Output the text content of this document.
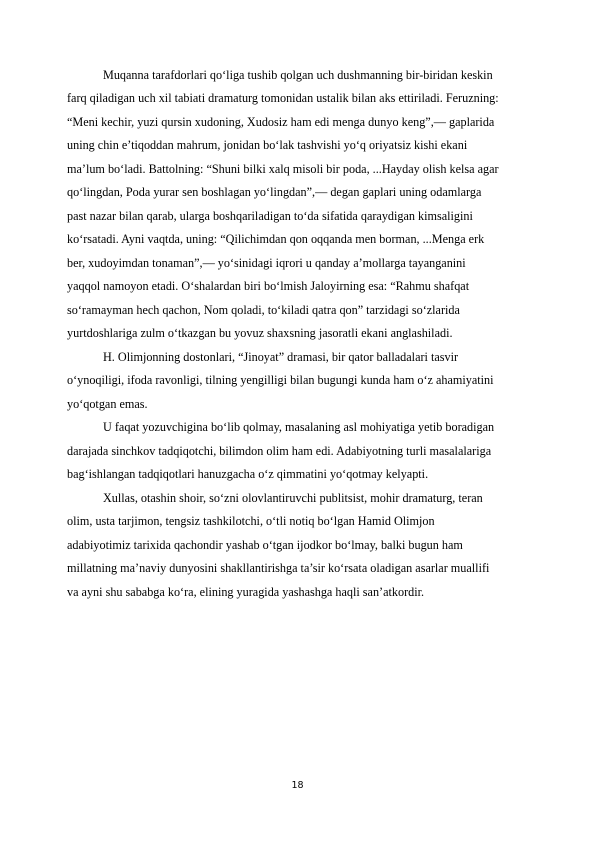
Muqanna tarafdorlari qo‘liga tushib qolgan uch dushmanning bir-biridan keskin

farq qiladigan uch xil tabiati dramaturg tomonidan ustalik bilan aks ettiriladi. Feruzning:

“Meni kechir, yuzi qursin xudoning, Xudosiz ham edi menga dunyo keng”,— gaplarida

uning chin e’tiqoddan mahrum, jonidan bo‘lak tashvishi yo‘q oriyatsiz kishi ekani

ma’lum bo‘ladi. Battolning: “Shuni bilki xalq misoli bir poda, ...Hayday olish kelsa agar

qo‘lingdan, Poda yurar sen boshlagan yo‘lingdan”,— degan gaplari uning odamlarga

past nazar bilan qarab, ularga boshqariladigan to‘da sifatida qaraydigan kimsaligini

ko‘rsatadi. Ayni vaqtda, uning: “Qilichimdan qon oqqanda men borman, ...Menga erk

ber, xudoyimdan tonaman”,— yo‘sinidagi iqrori u qanday a’mollarga tayanganini

yaqqol namoyon etadi. O‘shalardan biri bo‘lmish Jaloyirning esa: “Rahmu shafqat

so‘ramayman hech qachon, Nom qoladi, to‘kiladi qatra qon” tarzidagi so‘zlarida

yurtdoshlariga zulm o‘tkazgan bu yovuz shaxsning jasoratli ekani anglashiladi.

H. Olimjonning dostonlari, “Jinoyat” dramasi, bir qator balladalari tasvir

o‘ynoqiligi, ifoda ravonligi, tilning yengilligi bilan bugungi kunda ham o‘z ahamiyatini

yo‘qotgan emas.

U faqat yozuvchigina bo‘lib qolmay, masalaning asl mohiyatiga yetib boradigan

darajada sinchkov tadqiqotchi, bilimdon olim ham edi. Adabiyotning turli masalalariga

bag‘ishlangan tadqiqotlari hanuzgacha o‘z qimmatini yo‘qotmay kelyapti.

Xullas, otashin shoir, so‘zni olovlantiruvchi publitsist, mohir dramaturg, teran

olim, usta tarjimon, tengsiz tashkilotchi, o‘tli notiq bo‘lgan Hamid Olimjon

adabiyotimiz tarixida qachondir yashab o‘tgan ijodkor bo‘lmay, balki bugun ham

millatning ma’naviy dunyosini shakllantirishga ta’sir ko‘rsata oladigan asarlar muallifi

va ayni shu sababga ko‘ra, elining yuragida yashashga haqli san’atkordir.

18
